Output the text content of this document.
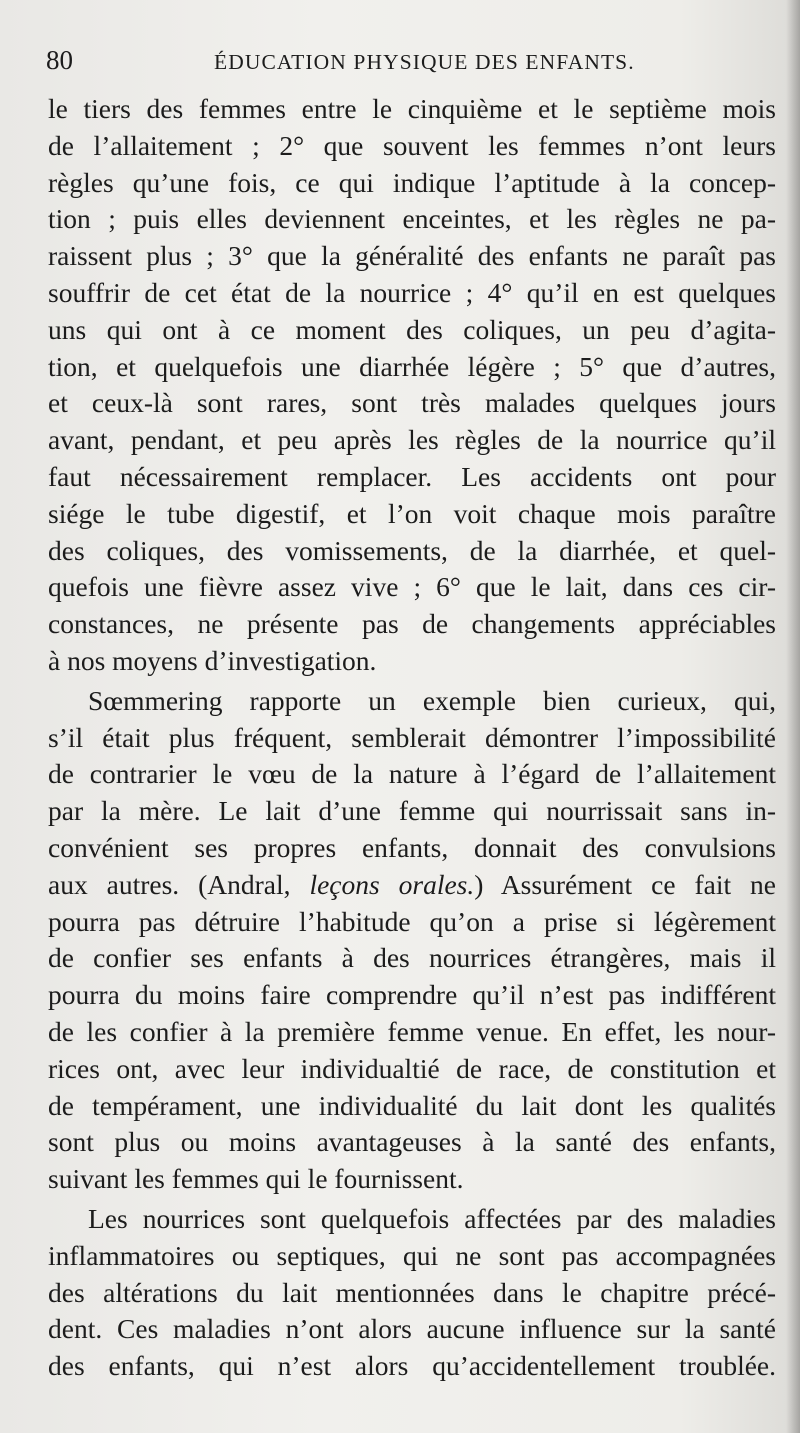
80	ÉDUCATION PHYSIQUE DES ENFANTS.
le tiers des femmes entre le cinquième et le septième mois
de l’allaitement ; 2° que souvent les femmes n’ont leurs
règles qu’une fois, ce qui indique l’aptitude à la concep-
tion ; puis elles deviennent enceintes, et les règles ne pa-
raissent plus ; 3° que la généralité des enfants ne paraît pas
souffrir de cet état de la nourrice ; 4° qu’il en est quelques
uns qui ont à ce moment des coliques, un peu d’agita-
tion, et quelquefois une diarrhée légère ; 5° que d’autres,
et ceux-là sont rares, sont très malades quelques jours
avant, pendant, et peu après les règles de la nourrice qu’il
faut nécessairement remplacer. Les accidents ont pour
siége le tube digestif, et l’on voit chaque mois paraître
des coliques, des vomissements, de la diarrhée, et quel-
quefois une fièvre assez vive ; 6° que le lait, dans ces cir-
constances, ne présente pas de changements appréciables
à nos moyens d’investigation.
Sœmmering rapporte un exemple bien curieux, qui,
s’il était plus fréquent, semblerait démontrer l’impossibilité
de contrarier le vœu de la nature à l’égard de l’allaitement
par la mère. Le lait d’une femme qui nourrissait sans in-
convénient ses propres enfants, donnait des convulsions
aux autres. (Andral, leçons orales.) Assurément ce fait ne
pourra pas détruire l’habitude qu’on a prise si légèrement
de confier ses enfants à des nourrices étrangères, mais il
pourra du moins faire comprendre qu’il n’est pas indifférent
de les confier à la première femme venue. En effet, les nour-
rices ont, avec leur individualtié de race, de constitution et
de tempérament, une individualité du lait dont les qualités
sont plus ou moins avantageuses à la santé des enfants,
suivant les femmes qui le fournissent.
Les nourrices sont quelquefois affectées par des maladies
inflammatoires ou septiques, qui ne sont pas accompagnées
des altérations du lait mentionnées dans le chapitre précé-
dent. Ces maladies n’ont alors aucune influence sur la santé
des enfants, qui n’est alors qu’accidentellement troublée.
